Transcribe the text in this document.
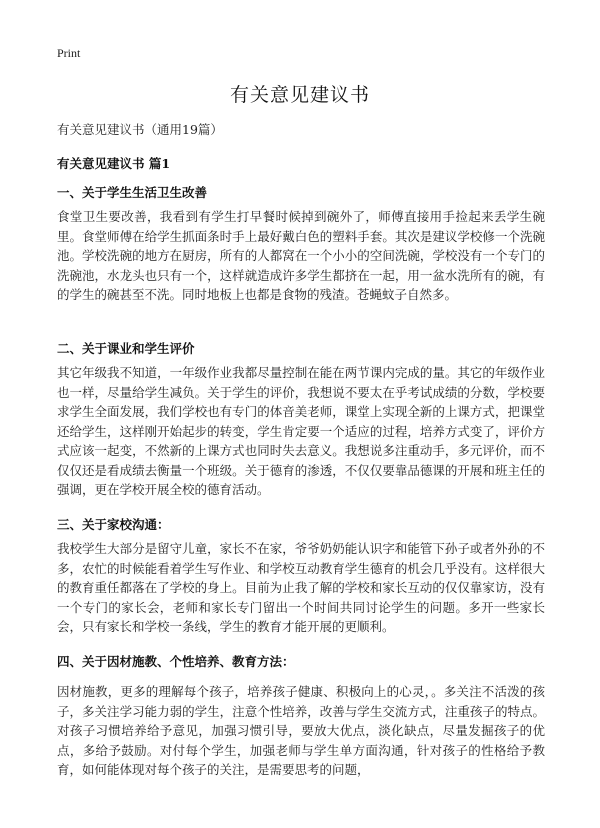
Print
有关意见建议书
有关意见建议书（通用19篇）
有关意见建议书 篇1
一、关于学生生活卫生改善
食堂卫生要改善，我看到有学生打早餐时候掉到碗外了，师傅直接用手捡起来丢学生碗里。食堂师傅在给学生抓面条时手上最好戴白色的塑料手套。其次是建议学校修一个洗碗池。学校洗碗的地方在厨房，所有的人都窝在一个小小的空间洗碗，学校没有一个专门的洗碗池，水龙头也只有一个，这样就造成许多学生都挤在一起，用一盆水洗所有的碗，有的学生的碗甚至不洗。同时地板上也都是食物的残渣。苍蝇蚊子自然多。
二、关于课业和学生评价
其它年级我不知道，一年级作业我都尽量控制在能在两节课内完成的量。其它的年级作业也一样，尽量给学生减负。关于学生的评价，我想说不要太在乎考试成绩的分数，学校要求学生全面发展，我们学校也有专门的体音美老师，课堂上实现全新的上课方式，把课堂还给学生，这样刚开始起步的转变，学生肯定要一个适应的过程，培养方式变了，评价方式应该一起变，不然新的上课方式也同时失去意义。我想说多注重动手，多元评价，而不仅仅还是看成绩去衡量一个班级。关于德育的渗透，不仅仅要靠品德课的开展和班主任的强调，更在学校开展全校的德育活动。
三、关于家校沟通：
我校学生大部分是留守儿童，家长不在家，爷爷奶奶能认识字和能管下孙子或者外孙的不多，农忙的时候能看着学生写作业、和学校互动教育学生德育的机会几乎没有。这样很大的教育重任都落在了学校的身上。目前为止我了解的学校和家长互动的仅仅靠家访，没有一个专门的家长会，老师和家长专门留出一个时间共同讨论学生的问题。多开一些家长会，只有家长和学校一条线，学生的教育才能开展的更顺利。
四、关于因材施教、个性培养、教育方法：
因材施教，更多的理解每个孩子，培养孩子健康、积极向上的心灵，。多关注不活泼的孩子，多关注学习能力弱的学生，注意个性培养，改善与学生交流方式，注重孩子的特点。 对孩子习惯培养给予意见，加强习惯引导，要放大优点，淡化缺点，尽量发掘孩子的优点，多给予鼓励。对付每个学生，加强老师与学生单方面沟通，针对孩子的性格给予教育，如何能体现对每个孩子的关注，是需要思考的问题，
